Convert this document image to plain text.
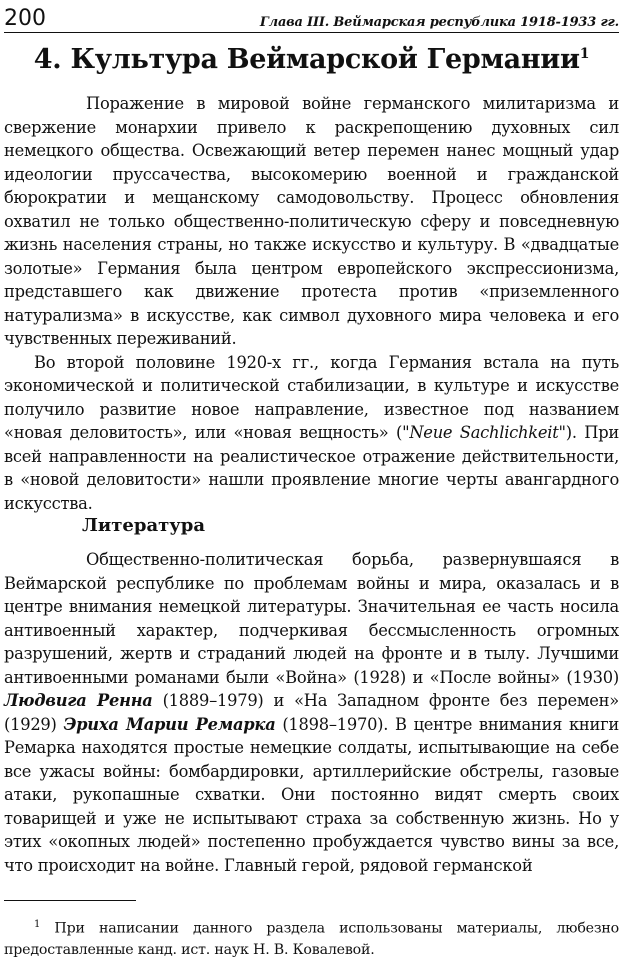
200	Глава III. Веймарская республика 1918-1933 гг.
4. Культура Веймарской Германии$^1$

Поражение в мировой войне германского милитаризма и свержение монархии привело к раскрепощению духовных сил немецкого общества. Освежающий ветер перемен нанес мощный удар идеологии пруссачества, высокомерию военной и гражданской бюрократии и мещанскому самодовольству. Процесс обновления охватил не только общественно-политическую сферу и повседневную жизнь населения страны, но также искусство и культуру. В «двадцатые золотые» Германия была центром европейского экспрессионизма, представшего как движение протеста против «приземленного натурализма» в искусстве, как символ духовного мира человека и его чувственных переживаний.

Во второй половине 1920-х гг., когда Германия встала на путь экономической и политической стабилизации, в культуре и искусстве получило развитие новое направление, известное под названием «новая деловитость», или «новая вещность» ("Neue Sachlichkeit"). При всей направленности на реалистическое отражение действительности, в «новой деловитости» нашли проявление многие черты авангардного искусства.

Литература

Общественно-политическая борьба, развернувшаяся в Веймарской республике по проблемам войны и мира, оказалась и в центре внимания немецкой литературы. Значительная ее часть носила антивоенный характер, подчеркивая бессмысленность огромных разрушений, жертв и страданий людей на фронте и в тылу. Лучшими антивоенными романами были «Война» (1928) и «После войны» (1930) Людвига Ренна (1889–1979) и «На Западном фронте без перемен» (1929) Эриха Марии Ремарка (1898–1970). В центре внимания книги Ремарка находятся простые немецкие солдаты, испытывающие на себе все ужасы войны: бомбардировки, артиллерийские обстрелы, газовые атаки, рукопашные схватки. Они постоянно видят смерть своих товарищей и уже не испытывают страха за собственную жизнь. Но у этих «окопных людей» постепенно пробуждается чувство вины за все, что происходит на войне. Главный герой, рядовой германской

$^1$ При написании данного раздела использованы материалы, любезно предоставленные канд. ист. наук Н. В. Ковалевой.
